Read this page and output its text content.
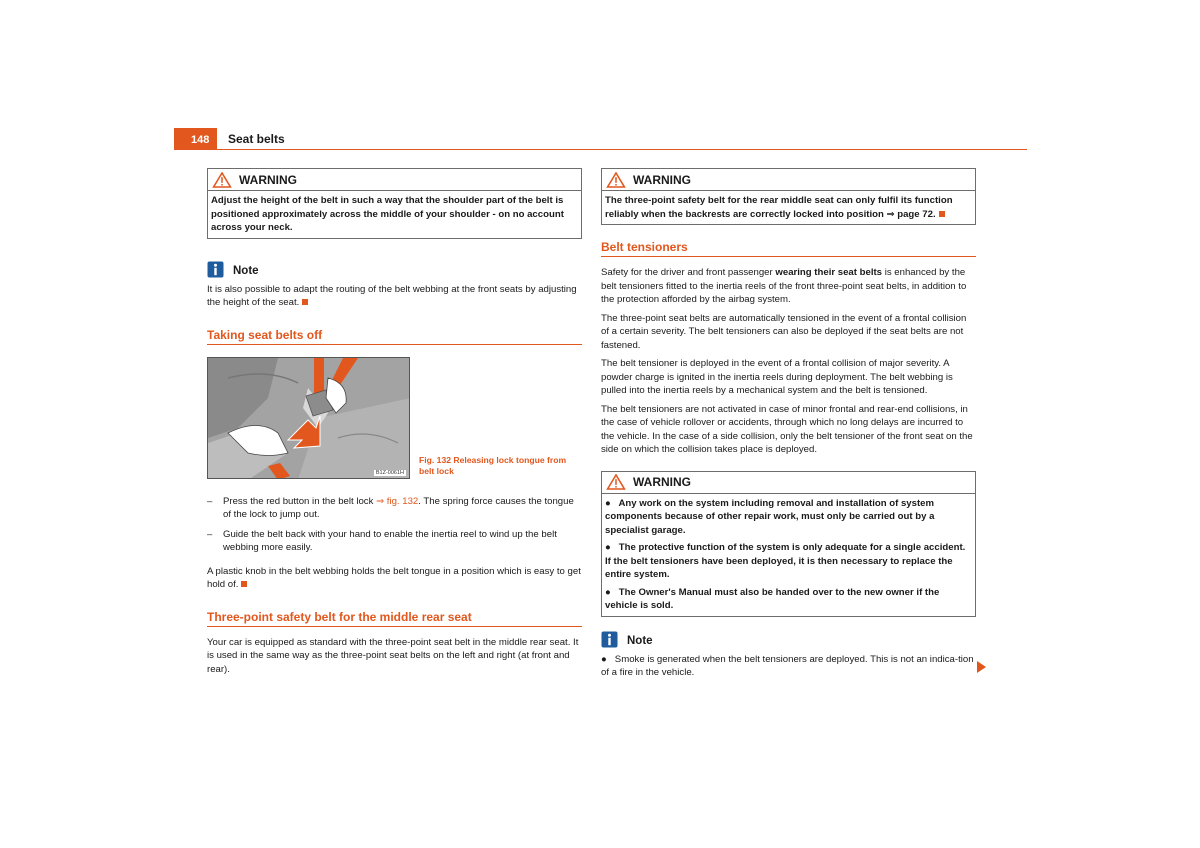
148	Seat belts
WARNING

Adjust the height of the belt in such a way that the shoulder part of the belt is positioned approximately across the middle of your shoulder - on no account across your neck.

Note

It is also possible to adapt the routing of the belt webbing at the front seats by adjusting the height of the seat.

Taking seat belts off
B1Z-0061H
Fig. 132 Releasing lock tongue from belt lock
–	Press the red button in the belt lock ⇒ fig. 132. The spring force causes the tongue of the lock to jump out.
–	Guide the belt back with your hand to enable the inertia reel to wind up the belt webbing more easily.

A plastic knob in the belt webbing holds the belt tongue in a position which is easy to get hold of.

Three-point safety belt for the middle rear seat

Your car is equipped as standard with the three-point seat belt in the middle rear seat. It is used in the same way as the three-point seat belts on the left and right (at front and rear).

WARNING

The three-point safety belt for the rear middle seat can only fulfil its function reliably when the backrests are correctly locked into position ⇒ page 72.

Belt tensioners

Safety for the driver and front passenger wearing their seat belts is enhanced by the belt tensioners fitted to the inertia reels of the front three-point seat belts, in addition to the protection afforded by the airbag system.

The three-point seat belts are automatically tensioned in the event of a frontal collision of a certain severity. The belt tensioners can also be deployed if the seat belts are not fastened.

The belt tensioner is deployed in the event of a frontal collision of major severity. A powder charge is ignited in the inertia reels during deployment. The belt webbing is pulled into the inertia reels by a mechanical system and the belt is tensioned.

The belt tensioners are not activated in case of minor frontal and rear-end collisions, in the case of vehicle rollover or accidents, through which no long delays are incurred to the vehicle. In the case of a side collision, only the belt tensioner of the front seat on the side on which the collision takes place is deployed.

WARNING

●   Any work on the system including removal and installation of system components because of other repair work, must only be carried out by a specialist garage.

●   The protective function of the system is only adequate for a single accident. If the belt tensioners have been deployed, it is then necessary to replace the entire system.

●   The Owner's Manual must also be handed over to the new owner if the vehicle is sold.

Note

●   Smoke is generated when the belt tensioners are deployed. This is not an indica-tion of a fire in the vehicle.
